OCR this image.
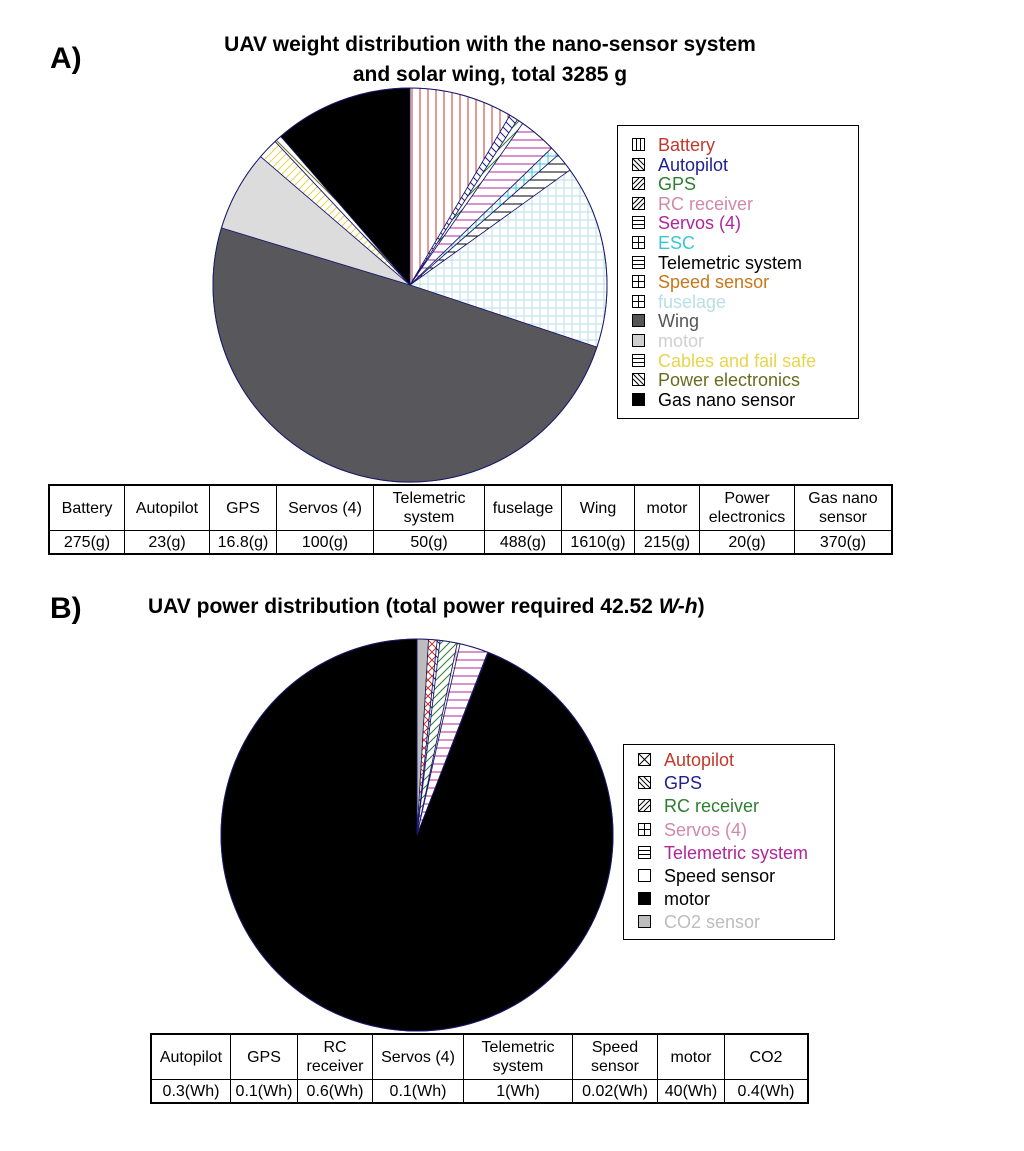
A)	UAV weight distribution with the nano-sensor system
and solar wing, total 3285 g
Battery
Autopilot
GPS
RC receiver
Servos (4)
ESC
Telemetric system
Speed sensor
fuselage
Wing
motor
Cables and fail safe
Power electronics
Gas nano sensor
Battery	Autopilot	GPS	Servos (4)	Telemetric system	fuselage	Wing	motor	Power electronics	Gas nano sensor
275(g)	23(g)	16.8(g)	100(g)	50(g)	488(g)	1610(g)	215(g)	20(g)	370(g)
B)	UAV power distribution (total power required 42.52 W-h)
Autopilot
GPS
RC receiver
Servos (4)
Telemetric system
Speed sensor
motor
CO2 sensor
Autopilot	GPS	RC receiver	Servos (4)	Telemetric system	Speed sensor	motor	CO2
0.3(Wh)	0.1(Wh)	0.6(Wh)	0.1(Wh)	1(Wh)	0.02(Wh)	40(Wh)	0.4(Wh)
